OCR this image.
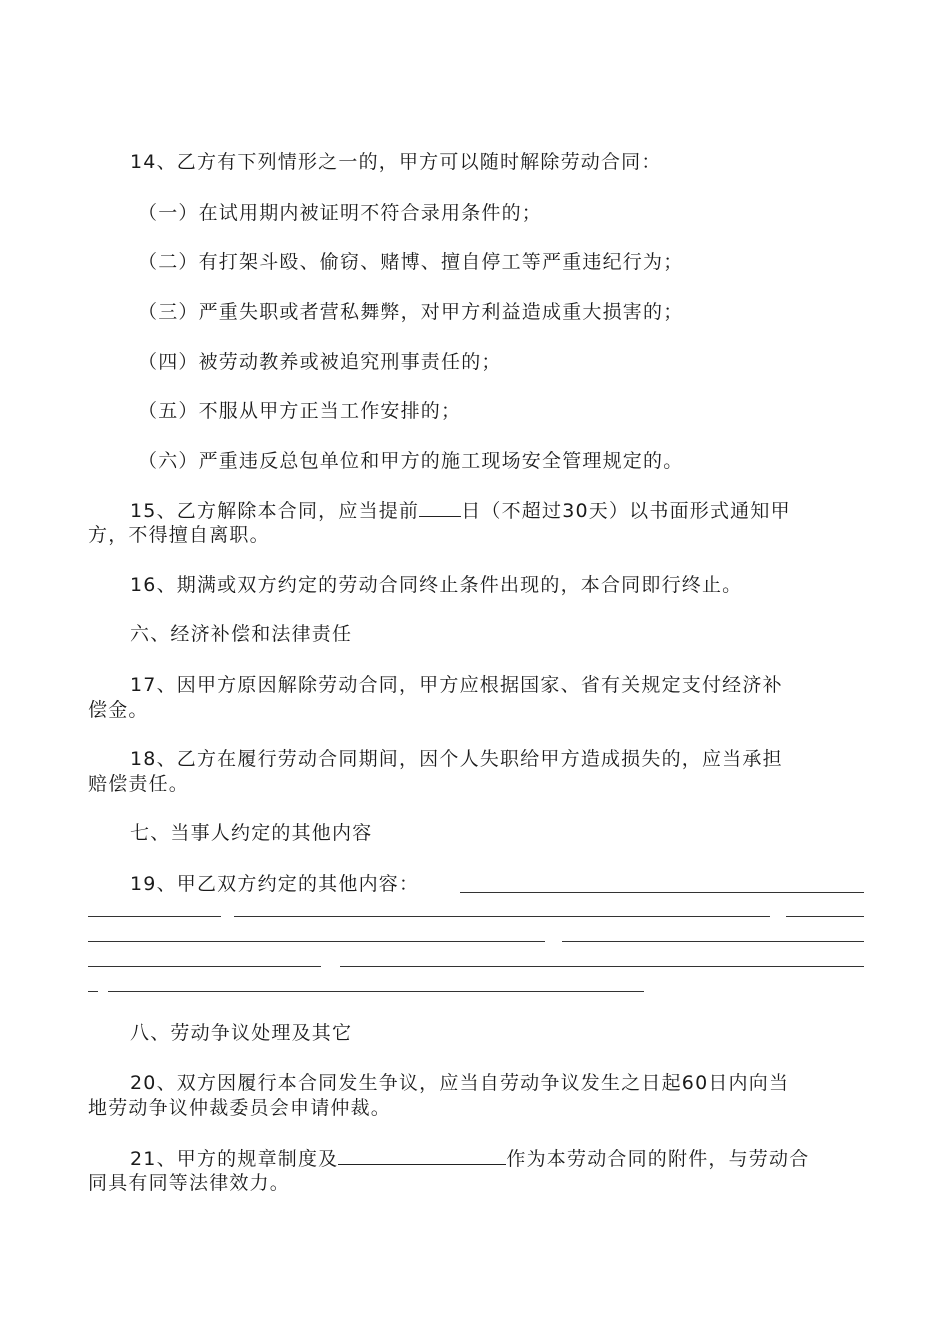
14、乙方有下列情形之一的，甲方可以随时解除劳动合同：
（一）在试用期内被证明不符合录用条件的；
（二）有打架斗殴、偷窃、赌博、擅自停工等严重违纪行为；
（三）严重失职或者营私舞弊，对甲方利益造成重大损害的；
（四）被劳动教养或被追究刑事责任的；
（五）不服从甲方正当工作安排的；
（六）严重违反总包单位和甲方的施工现场安全管理规定的。
15、乙方解除本合同，应当提前 日（不超过30天）以书面形式通知甲
方，不得擅自离职。
16、期满或双方约定的劳动合同终止条件出现的，本合同即行终止。
六、经济补偿和法律责任
17、因甲方原因解除劳动合同，甲方应根据国家、省有关规定支付经济补
偿金。
18、乙方在履行劳动合同期间，因个人失职给甲方造成损失的，应当承担
赔偿责任。
七、当事人约定的其他内容
19、甲乙双方约定的其他内容：
八、劳动争议处理及其它
20、双方因履行本合同发生争议，应当自劳动争议发生之日起60日内向当
地劳动争议仲裁委员会申请仲裁。
21、甲方的规章制度及	作为本劳动合同的附件，与劳动合
同具有同等法律效力。
